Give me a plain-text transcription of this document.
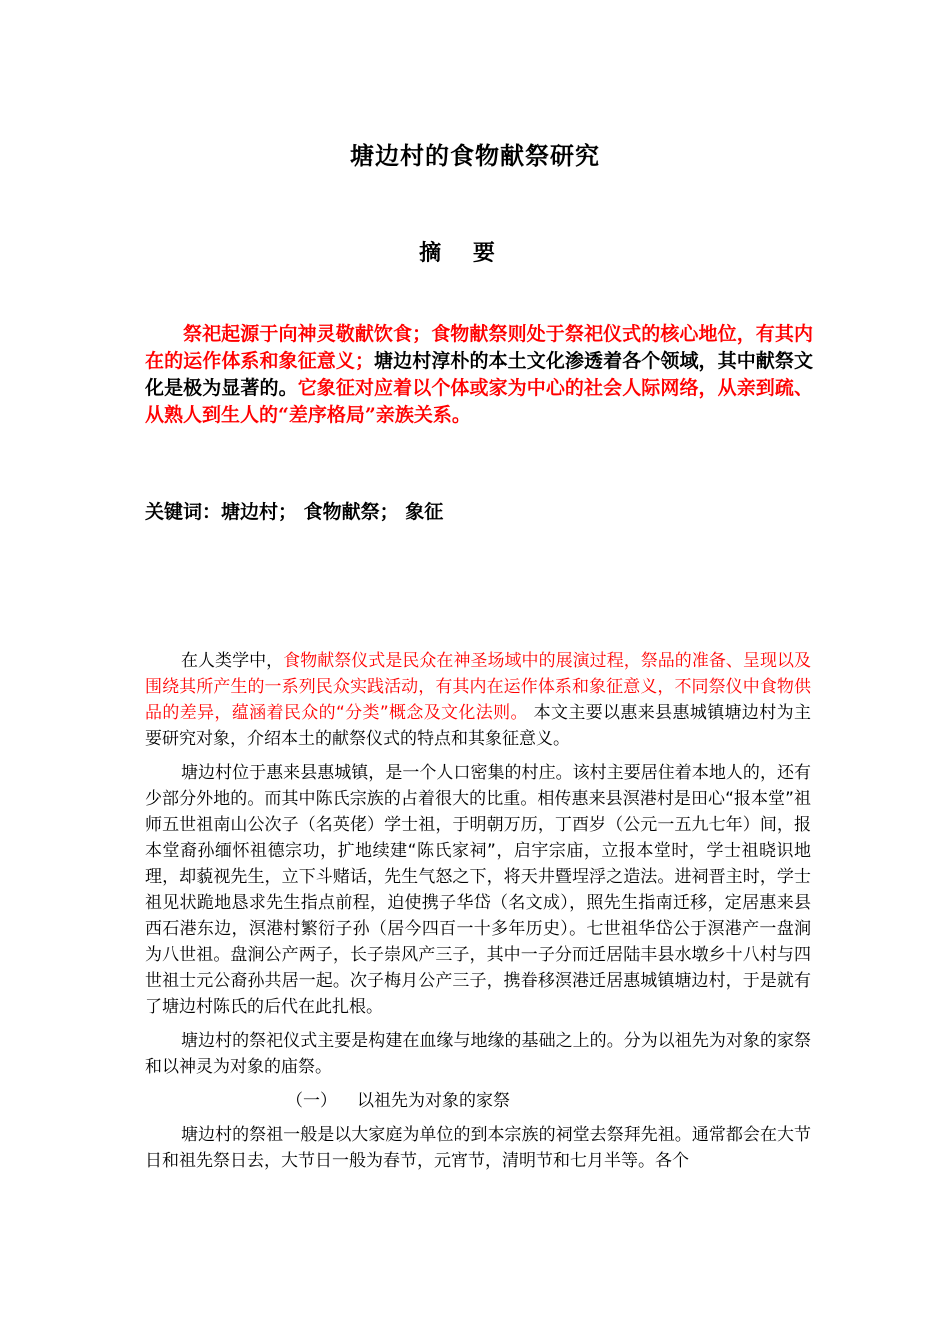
塘边村的食物献祭研究
摘 要

祭祀起源于向神灵敬献饮食；食物献祭则处于祭祀仪式的核心地位，有其内在的运作体系和象征意义；塘边村淳朴的本土文化渗透着各个领域，其中献祭文化是极为显著的。它象征对应着以个体或家为中心的社会人际网络，从亲到疏、从熟人到生人的“差序格局”亲族关系。

关键词：塘边村； 食物献祭； 象征

在人类学中，食物献祭仪式是民众在神圣场域中的展演过程，祭品的准备、呈现以及围绕其所产生的一系列民众实践活动，有其内在运作体系和象征意义，不同祭仪中食物供品的差异，蕴涵着民众的“分类”概念及文化法则。 本文主要以惠来县惠城镇塘边村为主要研究对象，介绍本土的献祭仪式的特点和其象征意义。

塘边村位于惠来县惠城镇，是一个人口密集的村庄。该村主要居住着本地人的，还有少部分外地的。而其中陈氏宗族的占着很大的比重。相传惠来县溟港村是田心“报本堂”祖师五世祖南山公次子（名英佬）学士祖，于明朝万历，丁酉岁（公元一五九七年）间，报本堂裔孙缅怀祖德宗功，扩地续建“陈氏家祠”，启宇宗庙，立报本堂时，学士祖晓识地理，却藐视先生，立下斗赌话，先生气怒之下，将天井暨埕浮之造法。进祠晋主时，学士祖见状跪地恳求先生指点前程，迫使携子华岱（名文成），照先生指南迁移，定居惠来县西石港东边，溟港村繁衍子孙（居今四百一十多年历史）。七世祖华岱公于溟港产一盘涧为八世祖。盘涧公产两子，长子崇风产三子，其中一子分而迁居陆丰县水墩乡十八村与四世祖士元公裔孙共居一起。次子梅月公产三子，携眷移溟港迁居惠城镇塘边村，于是就有了塘边村陈氏的后代在此扎根。

塘边村的祭祀仪式主要是构建在血缘与地缘的基础之上的。分为以祖先为对象的家祭和以神灵为对象的庙祭。

（一） 以祖先为对象的家祭

塘边村的祭祖一般是以大家庭为单位的到本宗族的祠堂去祭拜先祖。通常都会在大节日和祖先祭日去，大节日一般为春节，元宵节，清明节和七月半等。各个
